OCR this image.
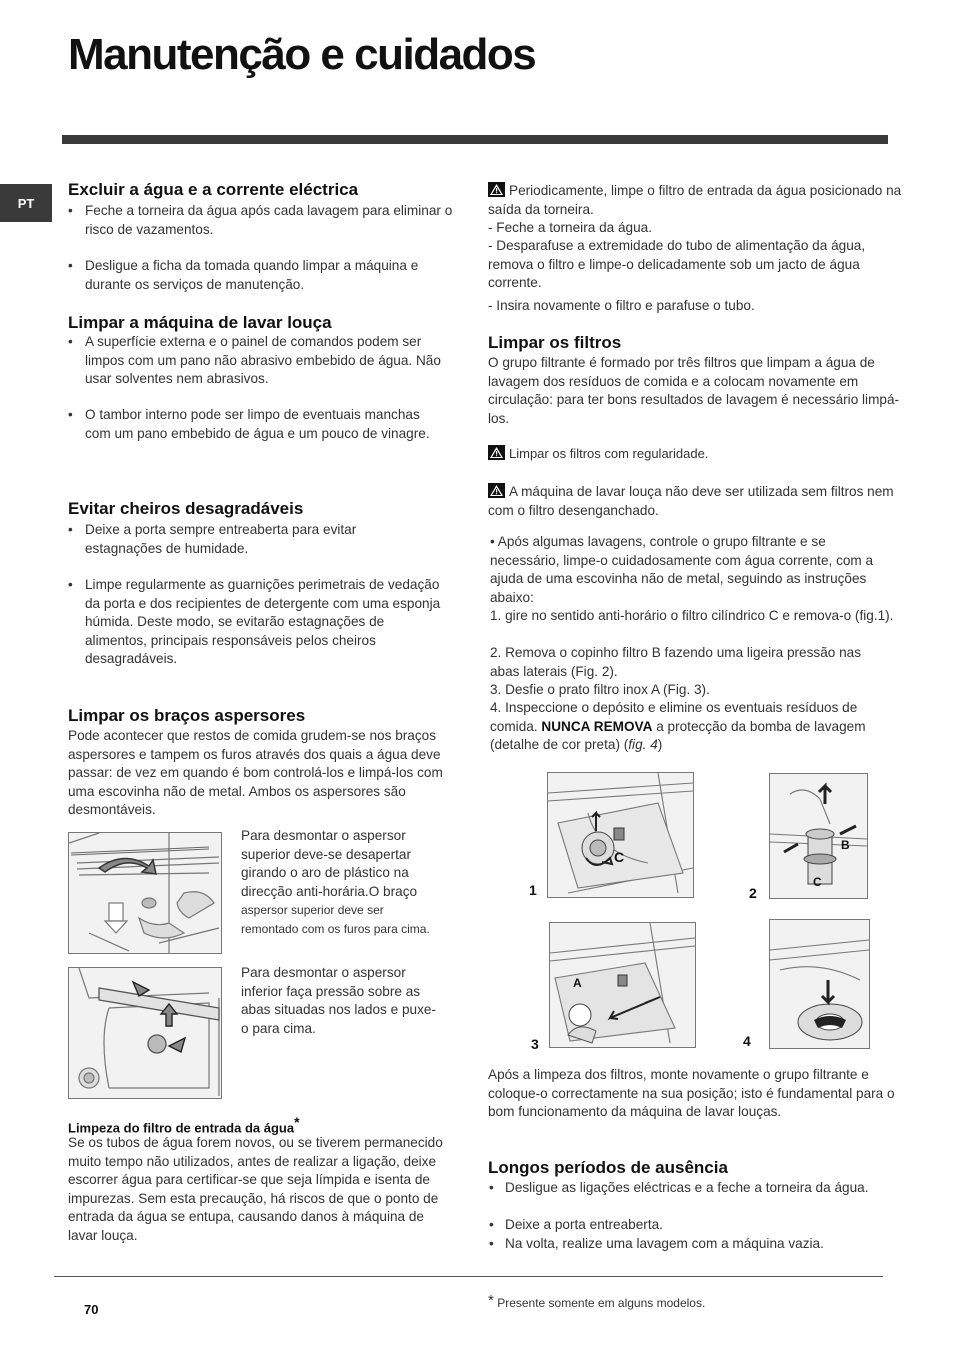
Manutenção e cuidados
PT
Excluir a água e a corrente eléctrica
• Feche a torneira da água após cada lavagem para eliminar o risco de vazamentos.
• Desligue a ficha da tomada quando limpar a máquina e durante os serviços de manutenção.
Limpar a máquina de lavar louça
• A superfície externa e o painel de comandos podem ser limpos com um pano não abrasivo embebido de água. Não usar solventes nem abrasivos.
• O tambor interno pode ser limpo de eventuais manchas com um pano embebido de água e um pouco de vinagre.
Evitar cheiros desagradáveis
• Deixe a porta sempre entreaberta para evitar estagnações de humidade.
• Limpe regularmente as guarnições perimetrais de vedação da porta e dos recipientes de detergente com uma esponja húmida. Deste modo, se evitarão estagnações de alimentos, principais responsáveis pelos cheiros desagradáveis.
Limpar os braços aspersores

Pode acontecer que restos de comida grudem-se nos braços aspersores e tampem os furos através dos quais a água deve passar: de vez em quando é bom controlá-los e limpá-los com uma escovinha não de metal. Ambos os aspersores são desmontáveis.

Para desmontar o aspersor superior deve-se desapertar girando o aro de plástico na direcção anti-horária.O braço aspersor superior deve ser remontado com os furos para cima.

Para desmontar o aspersor inferior faça pressão sobre as abas situadas nos lados e puxe-o para cima.

Limpeza do filtro de entrada da água*

Se os tubos de água forem novos, ou se tiverem permanecido muito tempo não utilizados, antes de realizar a ligação, deixe escorrer água para certificar-se que seja límpida e isenta de impurezas. Sem esta precaução, há riscos de que o ponto de entrada da água se entupa, causando danos à máquina de lavar louça.

Periodicamente, limpe o filtro de entrada da água posicionado na saída da torneira.

- Feche a torneira da água.

- Desparafuse a extremidade do tubo de alimentação da água, remova o filtro e limpe-o delicadamente sob um jacto de água corrente.

- Insira novamente o filtro e parafuse o tubo.

Limpar os filtros

O grupo filtrante é formado por três filtros que limpam a água de lavagem dos resíduos de comida e a colocam novamente em circulação: para ter bons resultados de lavagem é necessário limpá-los.

Limpar os filtros com regularidade.

A máquina de lavar louça não deve ser utilizada sem filtros nem com o filtro desenganchado.

• Após algumas lavagens, controle o grupo filtrante e se necessário, limpe-o cuidadosamente com água corrente, com a ajuda de uma escovinha não de metal, seguindo as instruções abaixo:

1. gire no sentido anti-horário o filtro cilíndrico C e remova-o (fig.1).

2. Remova o copinho filtro B fazendo uma ligeira pressão nas abas laterais (Fig. 2).

3. Desfie o prato filtro inox A (Fig. 3).

4. Inspeccione o depósito e elimine os eventuais resíduos de comida. NUNCA REMOVA a protecção da bomba de lavagem (detalhe de cor preta) (fig. 4)

C
1
B
C
2
A
3	4

Após a limpeza dos filtros, monte novamente o grupo filtrante e coloque-o correctamente na sua posição; isto é fundamental para o bom funcionamento da máquina de lavar louças.

Longos períodos de ausência
• Desligue as ligações eléctricas e a feche a torneira da água.
• Deixe a porta entreaberta.
• Na volta, realize uma lavagem com a máquina vazia.
70
* Presente somente em alguns modelos.
